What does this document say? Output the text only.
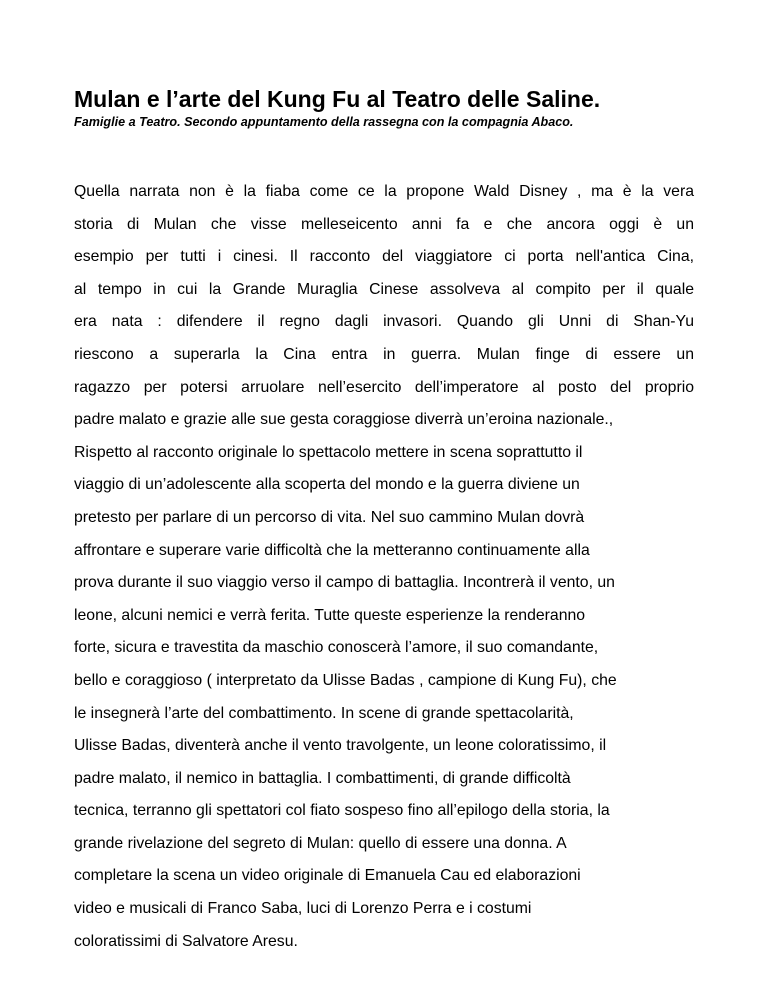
Mulan e l’arte del Kung Fu al Teatro delle Saline.

Famiglie a Teatro. Secondo appuntamento della rassegna con la compagnia Abaco.

Quella narrata non è la fiaba come ce la propone Wald Disney , ma è la vera
storia di Mulan che visse melleseicento anni fa e che ancora oggi è un
esempio per tutti i cinesi. Il racconto del viaggiatore ci porta nell'antica Cina,
al tempo in cui la Grande Muraglia Cinese assolveva al compito per il quale
era nata : difendere il regno dagli invasori. Quando gli Unni di Shan-Yu
riescono a superarla la Cina entra in guerra. Mulan finge di essere un
ragazzo per potersi arruolare nell’esercito dell’imperatore al posto del proprio
padre malato e grazie alle sue gesta coraggiose diverrà un’eroina nazionale.,
Rispetto al racconto originale lo spettacolo mettere in scena soprattutto il
viaggio di un’adolescente alla scoperta del mondo e la guerra diviene un
pretesto per parlare di un percorso di vita. Nel suo cammino Mulan dovrà
affrontare e superare varie difficoltà che la metteranno continuamente alla
prova durante il suo viaggio verso il campo di battaglia. Incontrerà il vento, un
leone, alcuni nemici e verrà ferita. Tutte queste esperienze la renderanno
forte, sicura e travestita da maschio conoscerà l’amore, il suo comandante,
bello e coraggioso ( interpretato da Ulisse Badas , campione di Kung Fu), che
le insegnerà l’arte del combattimento. In scene di grande spettacolarità,
Ulisse Badas, diventerà anche il vento travolgente, un leone coloratissimo, il
padre malato, il nemico in battaglia. I combattimenti, di grande difficoltà
tecnica, terranno gli spettatori col fiato sospeso fino all’epilogo della storia, la
grande rivelazione del segreto di Mulan: quello di essere una donna. A
completare la scena un video originale di Emanuela Cau ed elaborazioni
video e musicali di Franco Saba, luci di Lorenzo Perra e i costumi
coloratissimi di Salvatore Aresu.
